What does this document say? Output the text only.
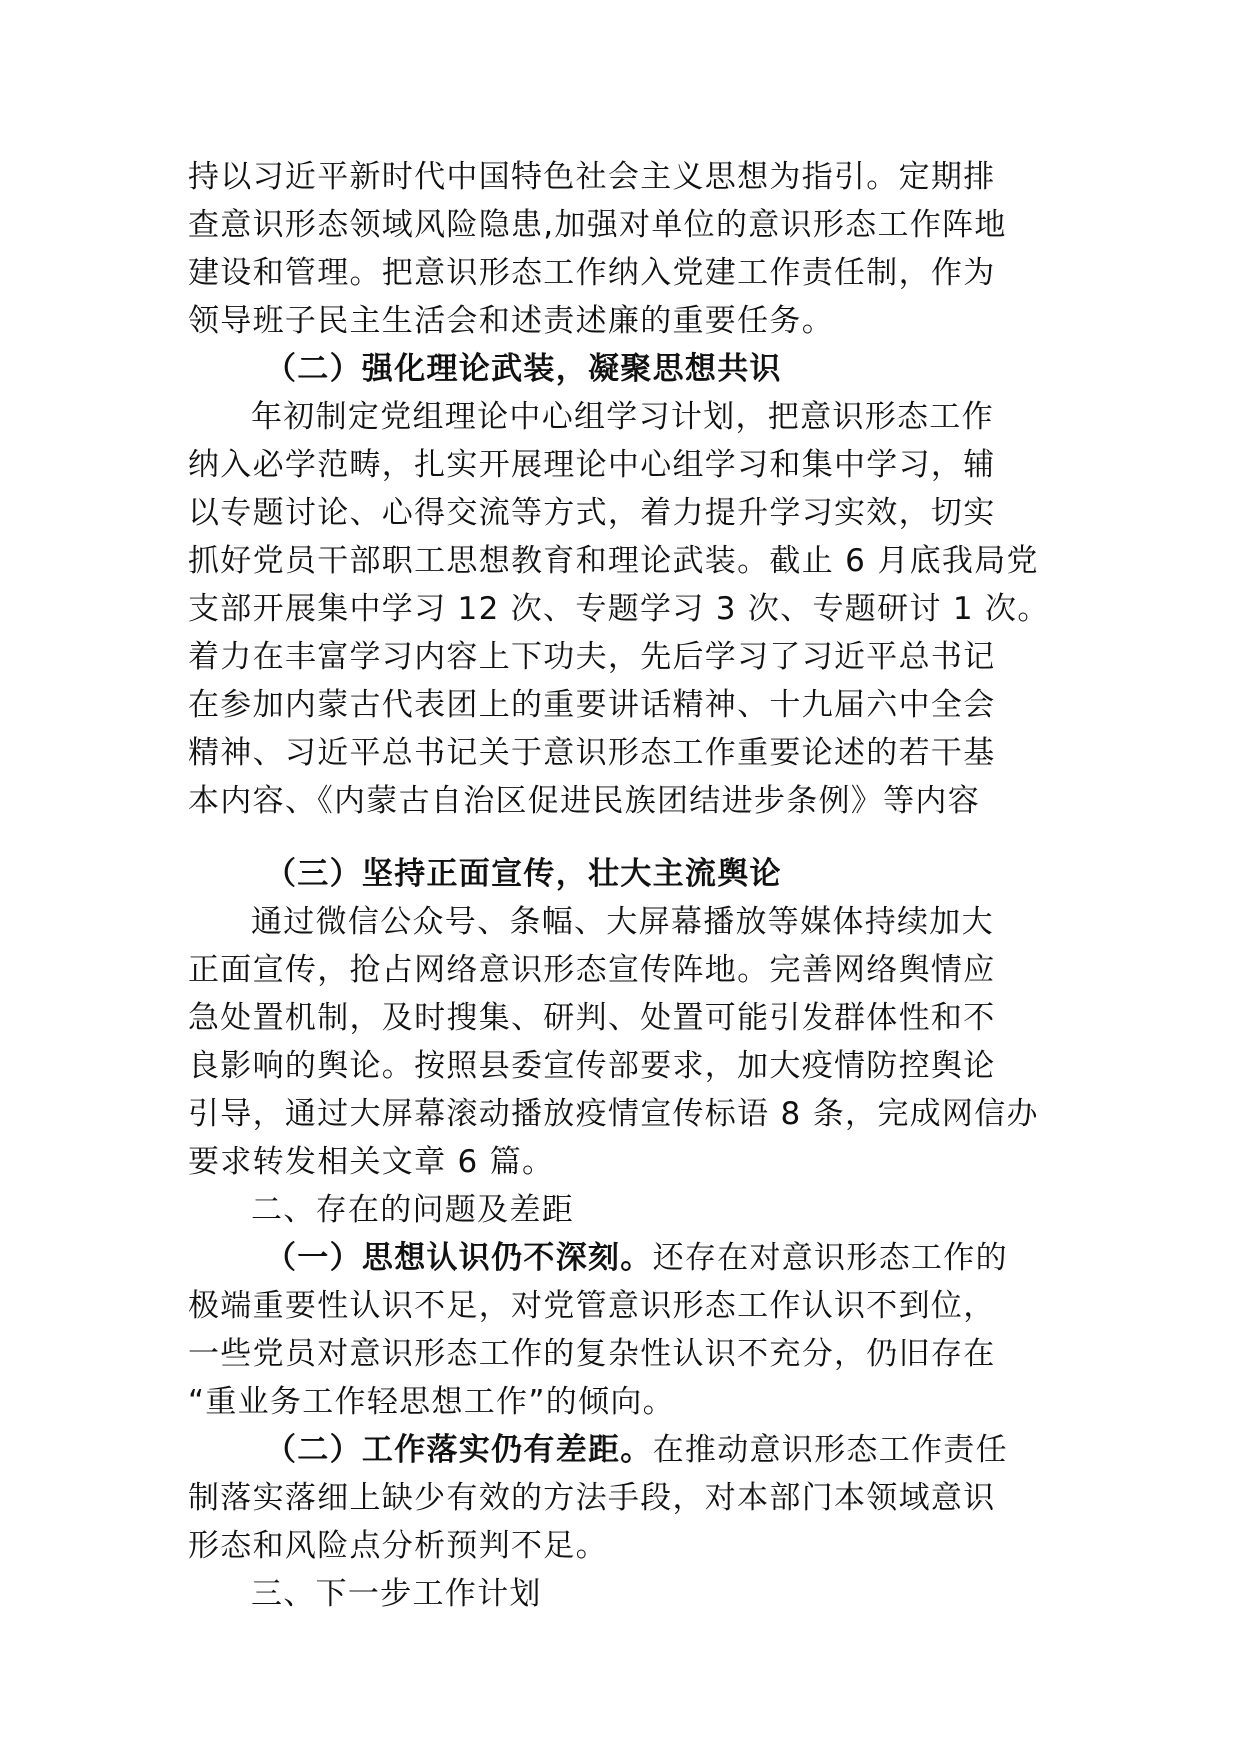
持以习近平新时代中国特色社会主义思想为指引。定期排
查意识形态领域风险隐患,加强对单位的意识形态工作阵地
建设和管理。把意识形态工作纳入党建工作责任制，作为
领导班子民主生活会和述责述廉的重要任务。
（二）强化理论武装，凝聚思想共识
年初制定党组理论中心组学习计划，把意识形态工作
纳入必学范畴，扎实开展理论中心组学习和集中学习，辅
以专题讨论、心得交流等方式，着力提升学习实效，切实
抓好党员干部职工思想教育和理论武装。截止 6 月底我局党
支部开展集中学习 12 次、专题学习 3 次、专题研讨 1 次。
着力在丰富学习内容上下功夫，先后学习了习近平总书记
在参加内蒙古代表团上的重要讲话精神、十九届六中全会
精神、习近平总书记关于意识形态工作重要论述的若干基
本内容、《内蒙古自治区促进民族团结进步条例》等内容
（三）坚持正面宣传，壮大主流舆论
通过微信公众号、条幅、大屏幕播放等媒体持续加大
正面宣传，抢占网络意识形态宣传阵地。完善网络舆情应
急处置机制，及时搜集、研判、处置可能引发群体性和不
良影响的舆论。按照县委宣传部要求，加大疫情防控舆论
引导，通过大屏幕滚动播放疫情宣传标语 8 条，完成网信办
要求转发相关文章 6 篇。
二、存在的问题及差距
（一）思想认识仍不深刻。还存在对意识形态工作的
极端重要性认识不足，对党管意识形态工作认识不到位，
一些党员对意识形态工作的复杂性认识不充分，仍旧存在
“重业务工作轻思想工作”的倾向。
（二）工作落实仍有差距。在推动意识形态工作责任
制落实落细上缺少有效的方法手段，对本部门本领域意识
形态和风险点分析预判不足。
三、下一步工作计划
